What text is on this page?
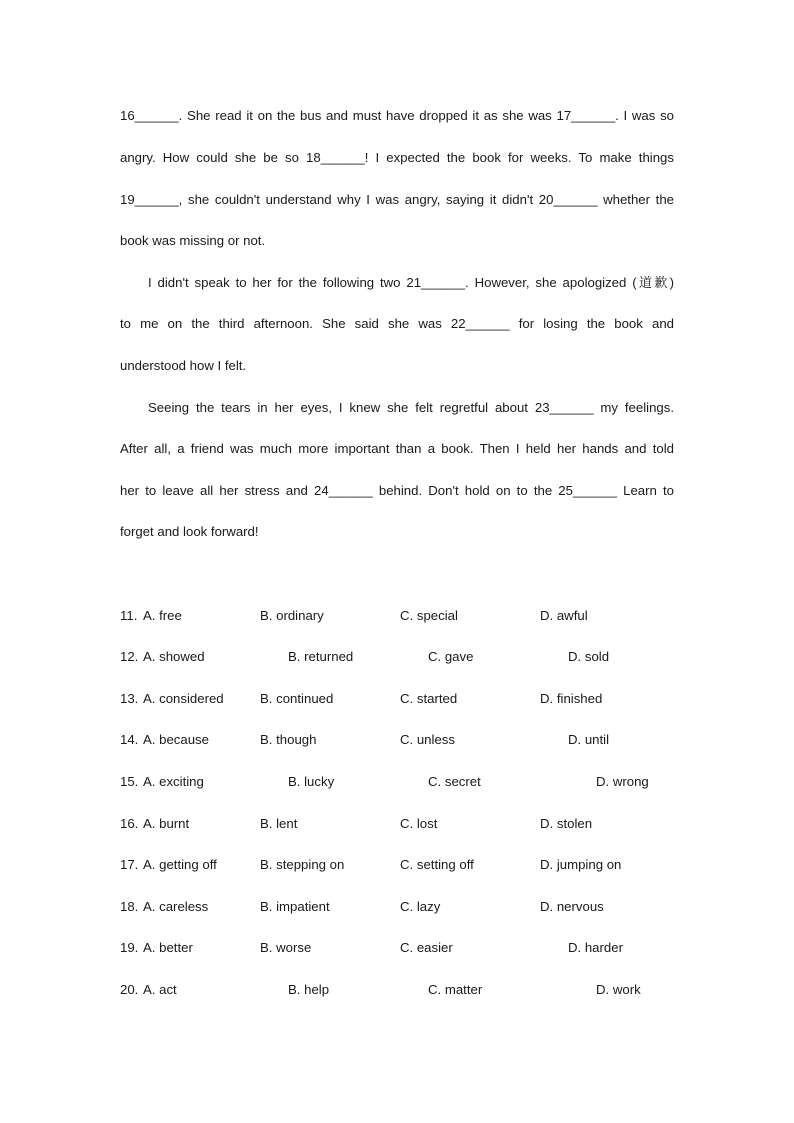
16______. She read it on the bus and must have dropped it as she was 17______. I was so
angry. How could she be so 18______! I expected the book for weeks. To make things
19______, she couldn't understand why I was angry, saying it didn't 20______ whether the
book was missing or not.
I didn't speak to her for the following two 21______. However, she apologized (道歉)
to me on the third afternoon. She said she was 22______ for losing the book and
understood how I felt.
Seeing the tears in her eyes, I knew she felt regretful about 23______ my feelings.
After all, a friend was much more important than a book. Then I held her hands and told
her to leave all her stress and 24______ behind. Don't hold on to the 25______ Learn to
forget and look forward!
11. A. free	B. ordinary	C. special	D. awful
12. A. showed	B. returned	C. gave	D. sold
13. A. considered	B. continued	C. started	D. finished
14. A. because	B. though	C. unless	D. until
15. A. exciting	B. lucky	C. secret	D. wrong
16. A. burnt	B. lent	C. lost	D. stolen
17. A. getting off	B. stepping on	C. setting off	D. jumping on
18. A. careless	B. impatient	C. lazy	D. nervous
19. A. better	B. worse	C. easier	D. harder
20. A. act	B. help	C. matter	D. work
